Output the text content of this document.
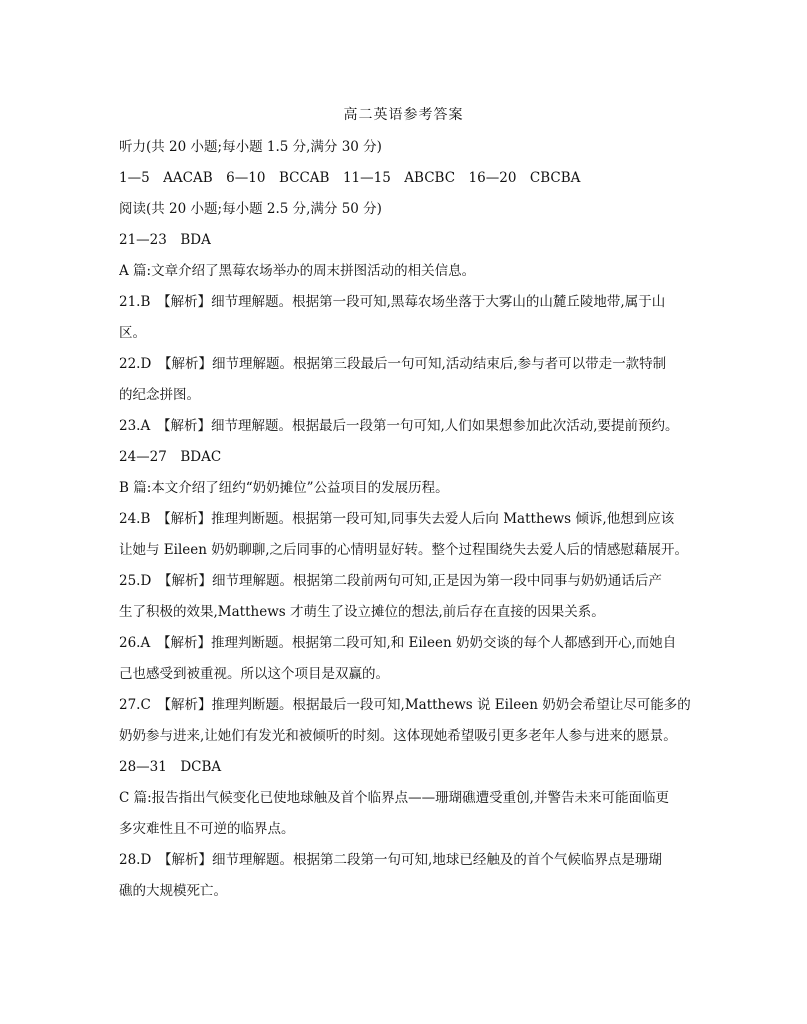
高二英语参考答案
听力(共 20 小题;每小题 1.5 分,满分 30 分)
1—5　AACAB　6—10　BCCAB　11—15　ABCBC　16—20　CBCBA
阅读(共 20 小题;每小题 2.5 分,满分 50 分)
21—23　BDA
A 篇:文章介绍了黑莓农场举办的周末拼图活动的相关信息。
21.B　【解析】细节理解题。根据第一段可知,黑莓农场坐落于大雾山的山麓丘陵地带,属于山
区。
22.D　【解析】细节理解题。根据第三段最后一句可知,活动结束后,参与者可以带走一款特制
的纪念拼图。
23.A　【解析】细节理解题。根据最后一段第一句可知,人们如果想参加此次活动,要提前预约。
24—27　BDAC
B 篇:本文介绍了纽约“奶奶摊位”公益项目的发展历程。
24.B　【解析】推理判断题。根据第一段可知,同事失去爱人后向 Matthews 倾诉,他想到应该
让她与 Eileen 奶奶聊聊,之后同事的心情明显好转。整个过程围绕失去爱人后的情感慰藉展开。
25.D　【解析】细节理解题。根据第二段前两句可知,正是因为第一段中同事与奶奶通话后产
生了积极的效果,Matthews 才萌生了设立摊位的想法,前后存在直接的因果关系。
26.A　【解析】推理判断题。根据第二段可知,和 Eileen 奶奶交谈的每个人都感到开心,而她自
己也感受到被重视。所以这个项目是双赢的。
27.C　【解析】推理判断题。根据最后一段可知,Matthews 说 Eileen 奶奶会希望让尽可能多的
奶奶参与进来,让她们有发光和被倾听的时刻。这体现她希望吸引更多老年人参与进来的愿景。
28—31　DCBA
C 篇:报告指出气候变化已使地球触及首个临界点——珊瑚礁遭受重创,并警告未来可能面临更
多灾难性且不可逆的临界点。
28.D　【解析】细节理解题。根据第二段第一句可知,地球已经触及的首个气候临界点是珊瑚
礁的大规模死亡。
